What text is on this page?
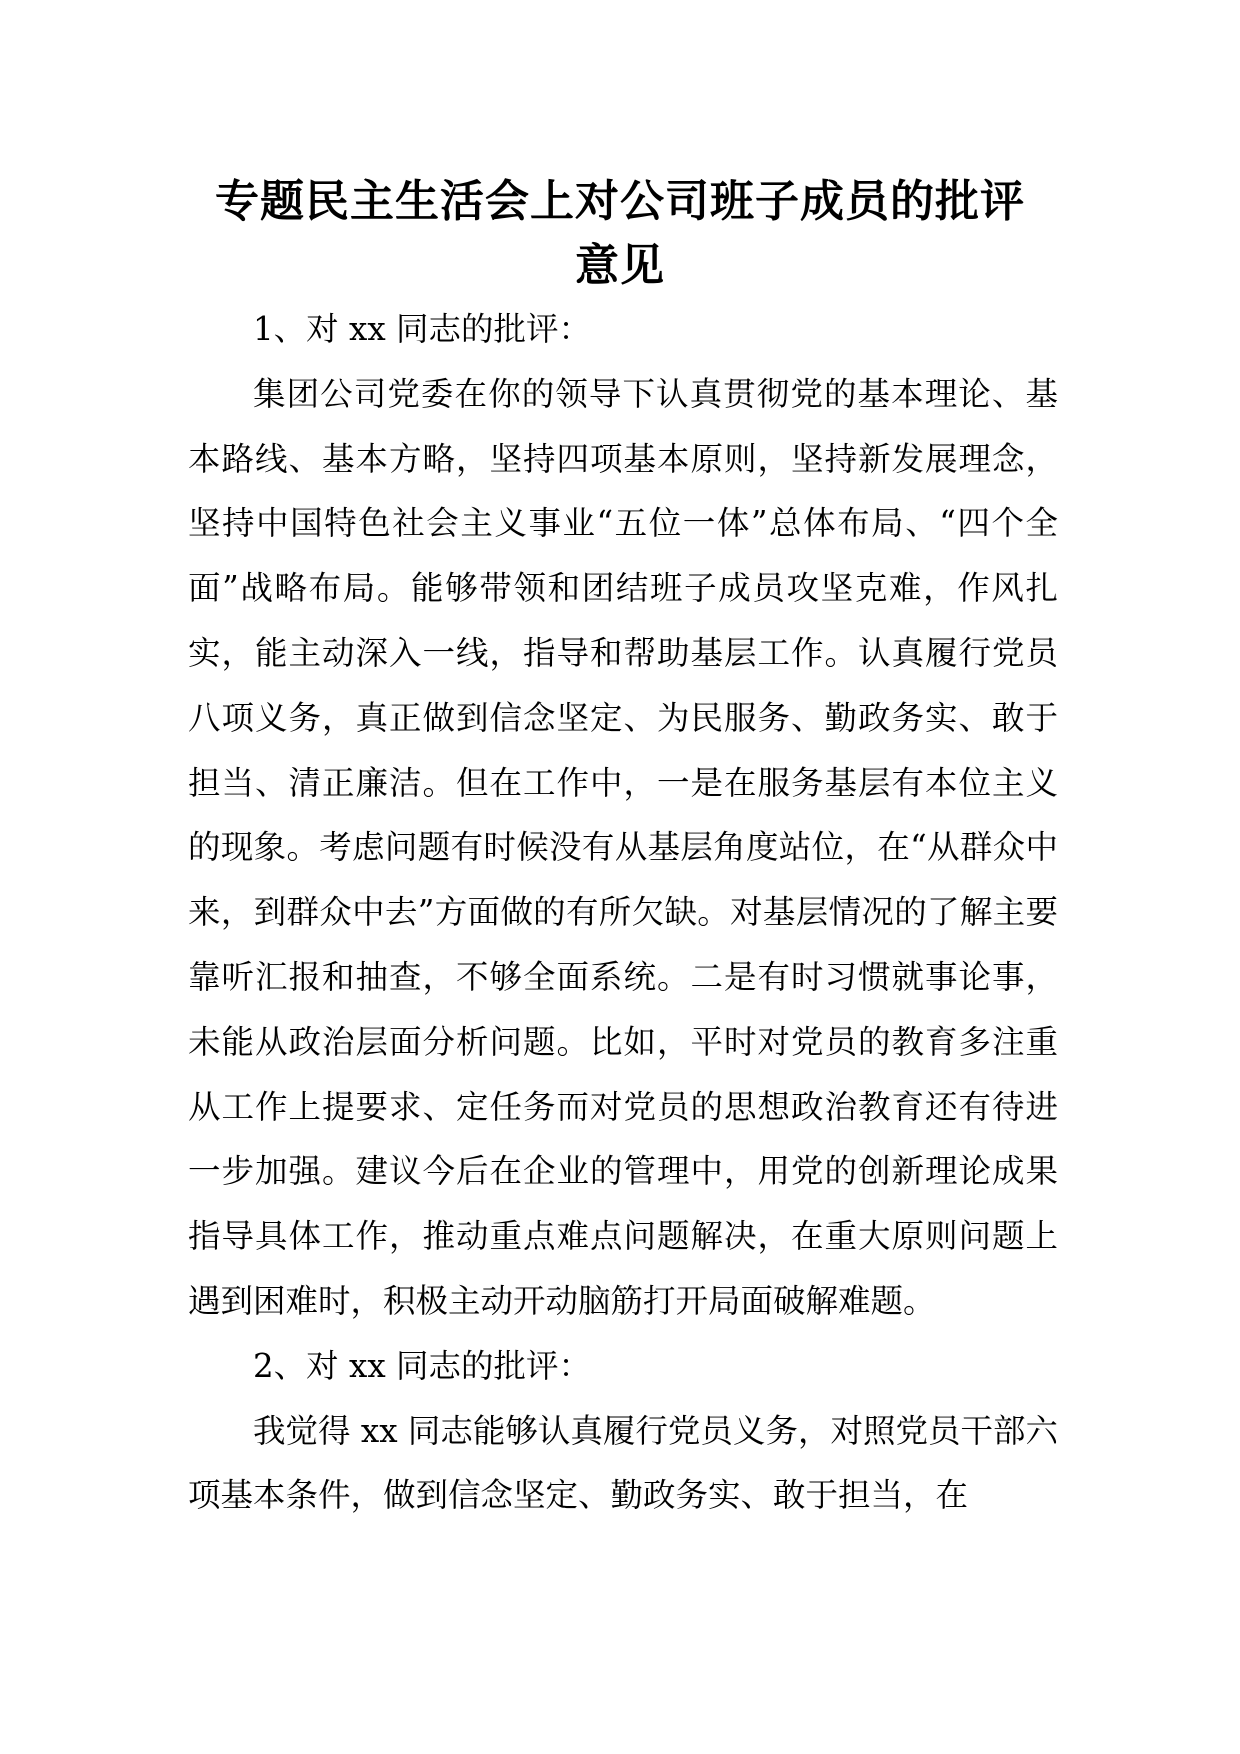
专题民主生活会上对公司班子成员的批评
意见

1、对 xx 同志的批评：

集团公司党委在你的领导下认真贯彻党的基本理论、基本路线、基本方略，坚持四项基本原则，坚持新发展理念，坚持中国特色社会主义事业“五位一体”总体布局、“四个全面”战略布局。能够带领和团结班子成员攻坚克难，作风扎实，能主动深入一线，指导和帮助基层工作。认真履行党员八项义务，真正做到信念坚定、为民服务、勤政务实、敢于担当、清正廉洁。但在工作中，一是在服务基层有本位主义的现象。考虑问题有时候没有从基层角度站位，在“从群众中来，到群众中去”方面做的有所欠缺。对基层情况的了解主要靠听汇报和抽查，不够全面系统。二是有时习惯就事论事，未能从政治层面分析问题。比如，平时对党员的教育多注重从工作上提要求、定任务而对党员的思想政治教育还有待进一步加强。建议今后在企业的管理中，用党的创新理论成果指导具体工作，推动重点难点问题解决，在重大原则问题上遇到困难时，积极主动开动脑筋打开局面破解难题。

2、对 xx 同志的批评：

我觉得 xx 同志能够认真履行党员义务，对照党员干部六项基本条件，做到信念坚定、勤政务实、敢于担当，在
